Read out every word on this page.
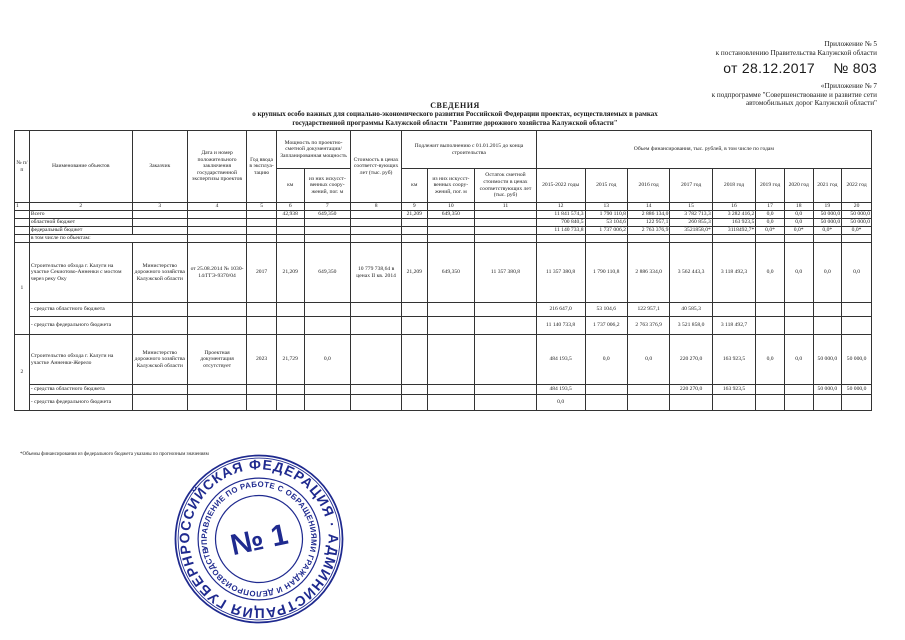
Приложение № 5
к постановлению Правительства Калужской области
от 28.12.2017 № 803
«Приложение № 7
к подпрограмме "Совершенствование и развитие сети
автомобильных дорог Калужской области"
СВЕДЕНИЯ
о крупных особо важных для социально-экономического развития Российской Федерации проектах, осуществляемых в рамках
государственной программы Калужской области "Развитие дорожного хозяйства Калужской области"
№ п/п	Наименование объектов	Заказчик	Дата и номер положительного заключения государственной экспертизы проектов	Год ввода в эксплуа-тацию	Мощность по проектно-сметной документации/ Запланированная мощность		Стоимость в ценах соответст-вующих лет (тыс. руб)	Подлежит выполнению с 01.01.2015 до конца строительства			Объем финансирования, тыс. рублей, в том числе по годам								
					км	из них искусст-венных соору-жений, пог. м		км	из них искусст-венных соору-жений, пог. м	Остаток сметной стоимости в ценах соответствующих лет (тыс. руб)	2015-2022 годы	2015 год	2016 год	2017 год	2018 год	2019 год	2020 год	2021 год	2022 год
1	2	3	4	5	6	7	8	9	10	11	12	13	14	15	16	17	18	19	20
	Всего				42,938	649,350		21,209	649,350		11 841 574,3	1 790 110,8	2 886 134,0	3 782 713,3	3 282 416,2	0,0	0,0	50 000,0	50 000,0
	областной бюджет										700 840,5	53 104,6	122 957,1	260 855,3	163 923,5	0,0	0,0	50 000,0	50 000,0
	федеральный бюджет										11 140 733,8	1 737 006,2	2 763 376,9	3521858,0*	3118492,7*	0,0*	0,0*	0,0*	0,0*
	в том числе по объектам:																		
1	Строительство обхода г. Калуги на участке Секиотово-Анненки с мостом через реку Оку	Министерство дорожного хозяйства Калужской области	от 25.08.2014 № 1030-14/ГГЭ-9370/04	2017	21,209	649,350	10 779 738,64 в ценах II кв. 2014	21,209	649,350	11 357 380,8	11 357 380,8	1 790 110,8	2 886 334,0	3 562 443,3	3 118 492,3	0,0	0,0	0,0	0,0
	- средства областного бюджета										216 647,0	53 104,6	122 957,1	40 585,3					
	- средства федерального бюджета										11 140 733,8	1 737 006,2	2 763 376,9	3 521 858,0	3 118 492,7				
2	Строительство обхода г. Калуги на участке Анненки-Жерело	Министерство дорожного хозяйства Калужской области	Проектная документация отсутствует	2023	21,729	0,0					484 193,5	0,0	0,0	220 270,0	163 923,5	0,0	0,0	50 000,0	50 000,0
	- средства областного бюджета										484 193,5			220 270,0	163 923,5			50 000,0	50 000,0
	- средства федерального бюджета										0,0								
*Объемы финансирования из федерального бюджета указаны по прогнозным значениям
РОССИЙСКАЯ ФЕДЕРАЦИЯ · АДМИНИСТРАЦИЯ ГУБЕРНАТОРА
УПРАВЛЕНИЕ ПО РАБОТЕ С ОБРАЩЕНИЯМИ ГРАЖДАН И ДЕЛОПРОИЗВОДСТВУ
№ 1
